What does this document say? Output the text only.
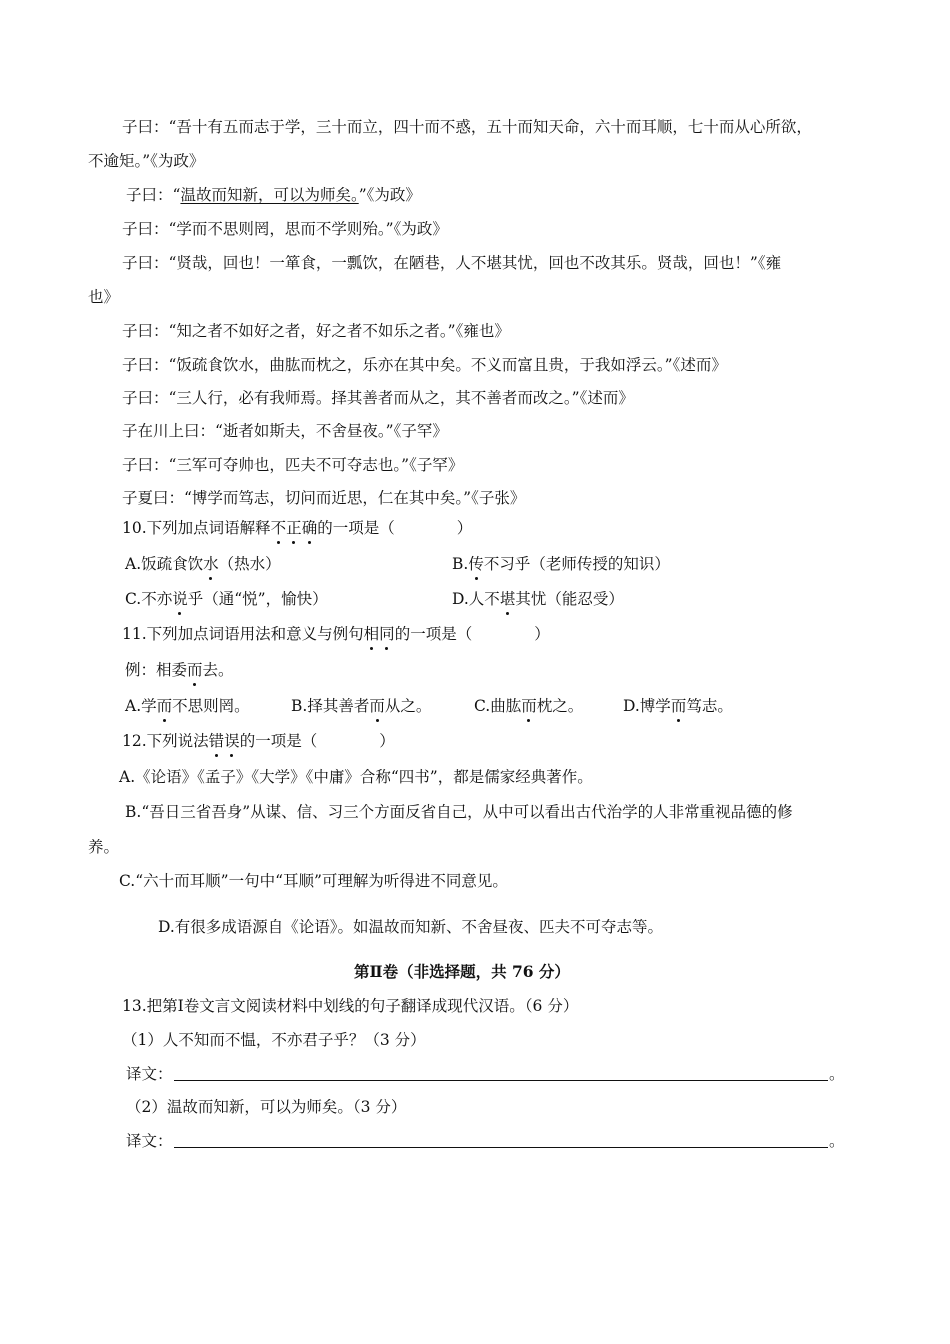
子曰：“吾十有五而志于学，三十而立，四十而不惑，五十而知天命，六十而耳顺，七十而从心所欲，
不逾矩。”《为政》
子曰：“温故而知新，可以为师矣。”《为政》
子曰：“学而不思则罔，思而不学则殆。”《为政》
子曰：“贤哉，回也！一箪食，一瓢饮，在陋巷，人不堪其忧，回也不改其乐。贤哉，回也！”《雍
也》
子曰：“知之者不如好之者，好之者不如乐之者。”《雍也》
子曰：“饭疏食饮水，曲肱而枕之，乐亦在其中矣。不义而富且贵，于我如浮云。”《述而》
子曰：“三人行，必有我师焉。择其善者而从之，其不善者而改之。”《述而》
子在川上曰：“逝者如斯夫，不舍昼夜。”《子罕》
子曰：“三军可夺帅也，匹夫不可夺志也。”《子罕》
子夏曰：“博学而笃志，切问而近思，仁在其中矣。”《子张》
10.下列加点词语解释不正确的一项是（　　　　）
A.饭疏食饮水（热水）	B.传不习乎（老师传授的知识）
C.不亦说乎（通“悦”，愉快）	D.人不堪其忧（能忍受）
11.下列加点词语用法和意义与例句相同的一项是（　　　　）
例：相委而去。
A.学而不思则罔。	B.择其善者而从之。	C.曲肱而枕之。	D.博学而笃志。
12.下列说法错误的一项是（　　　　）
A.《论语》《孟子》《大学》《中庸》合称“四书”，都是儒家经典著作。
B.“吾日三省吾身”从谋、信、习三个方面反省自己，从中可以看出古代治学的人非常重视品德的修
养。
C.“六十而耳顺”一句中“耳顺”可理解为听得进不同意见。
D.有很多成语源自《论语》。如温故而知新、不舍昼夜、匹夫不可夺志等。
第Ⅱ卷（非选择题，共 76 分）
13.把第Ⅰ卷文言文阅读材料中划线的句子翻译成现代汉语。（6 分）
（1）人不知而不愠，不亦君子乎？（3 分）
译文：	。
（2）温故而知新，可以为师矣。（3 分）
译文：	。
